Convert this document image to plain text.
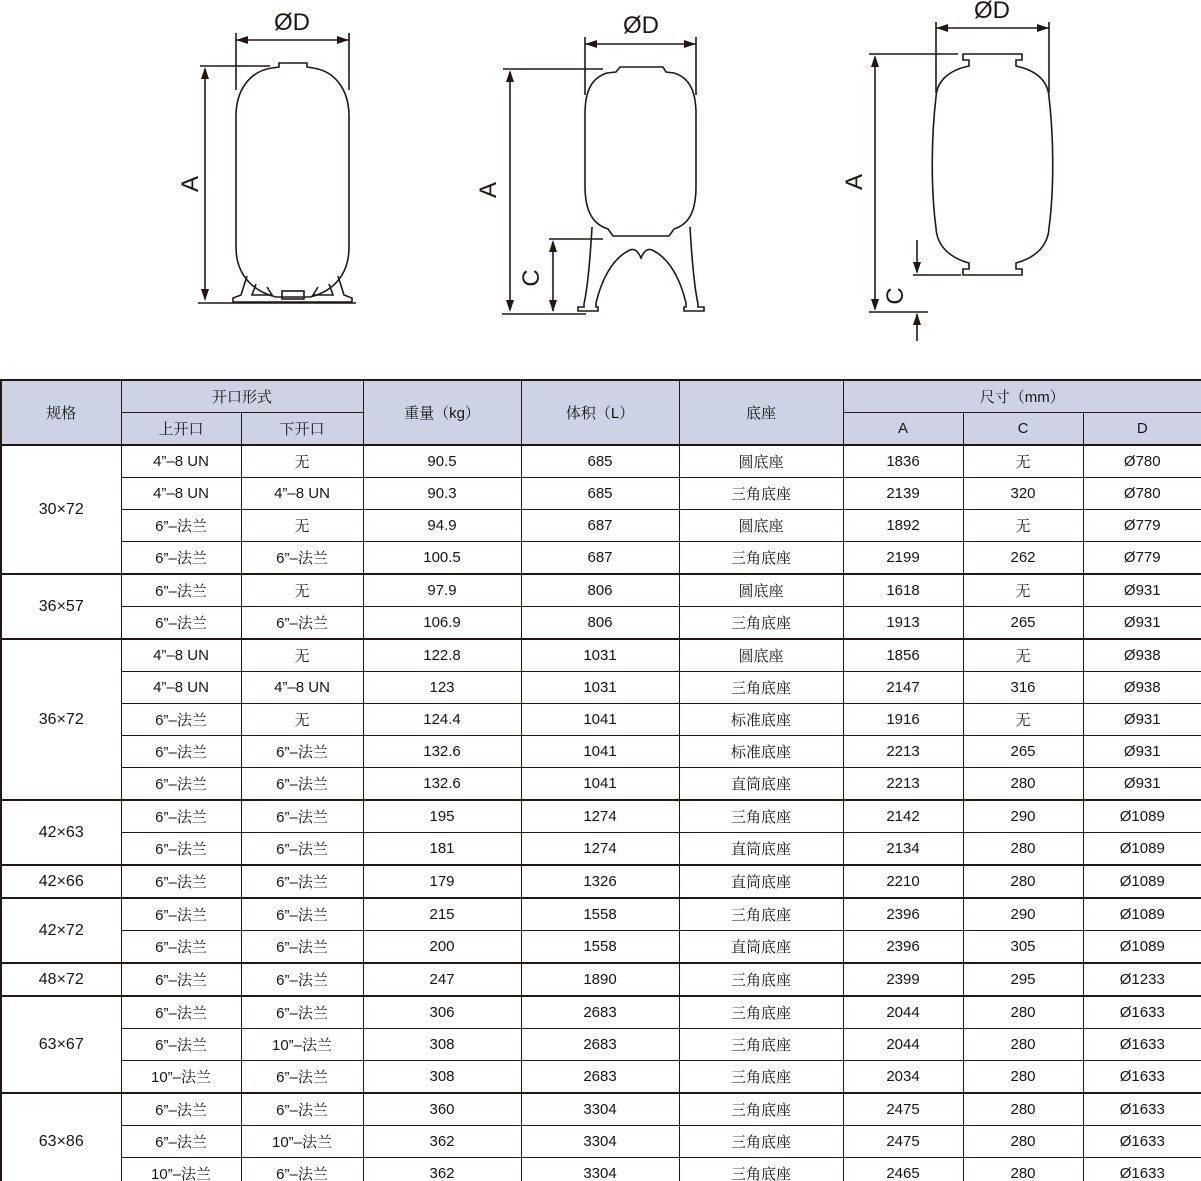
ØD
A
ØD
A
C
ØD
A
C
规格	开口形式		重量（kg）	体积（L）	底座	尺寸（mm）		
	上开口	下开口				A	C	D
30×72	4”–8 UN	无	90.5	685	圆底座	1836	无	Ø780
	4”–8 UN	4”–8 UN	90.3	685	三角底座	2139	320	Ø780
	6”–法兰	无	94.9	687	圆底座	1892	无	Ø779
	6”–法兰	6”–法兰	100.5	687	三角底座	2199	262	Ø779
36×57	6”–法兰	无	97.9	806	圆底座	1618	无	Ø931
	6”–法兰	6”–法兰	106.9	806	三角底座	1913	265	Ø931
36×72	4”–8 UN	无	122.8	1031	圆底座	1856	无	Ø938
	4”–8 UN	4”–8 UN	123	1031	三角底座	2147	316	Ø938
	6”–法兰	无	124.4	1041	标准底座	1916	无	Ø931
	6”–法兰	6”–法兰	132.6	1041	标准底座	2213	265	Ø931
	6”–法兰	6”–法兰	132.6	1041	直筒底座	2213	280	Ø931
42×63	6”–法兰	6”–法兰	195	1274	三角底座	2142	290	Ø1089
	6”–法兰	6”–法兰	181	1274	直筒底座	2134	280	Ø1089
42×66	6”–法兰	6”–法兰	179	1326	直筒底座	2210	280	Ø1089
42×72	6”–法兰	6”–法兰	215	1558	三角底座	2396	290	Ø1089
	6”–法兰	6”–法兰	200	1558	直筒底座	2396	305	Ø1089
48×72	6”–法兰	6”–法兰	247	1890	三角底座	2399	295	Ø1233
63×67	6”–法兰	6”–法兰	306	2683	三角底座	2044	280	Ø1633
	6”–法兰	10”–法兰	308	2683	三角底座	2044	280	Ø1633
	10”–法兰	6”–法兰	308	2683	三角底座	2034	280	Ø1633
63×86	6”–法兰	6”–法兰	360	3304	三角底座	2475	280	Ø1633
	6”–法兰	10”–法兰	362	3304	三角底座	2475	280	Ø1633
	10”–法兰	6”–法兰	362	3304	三角底座	2465	280	Ø1633
